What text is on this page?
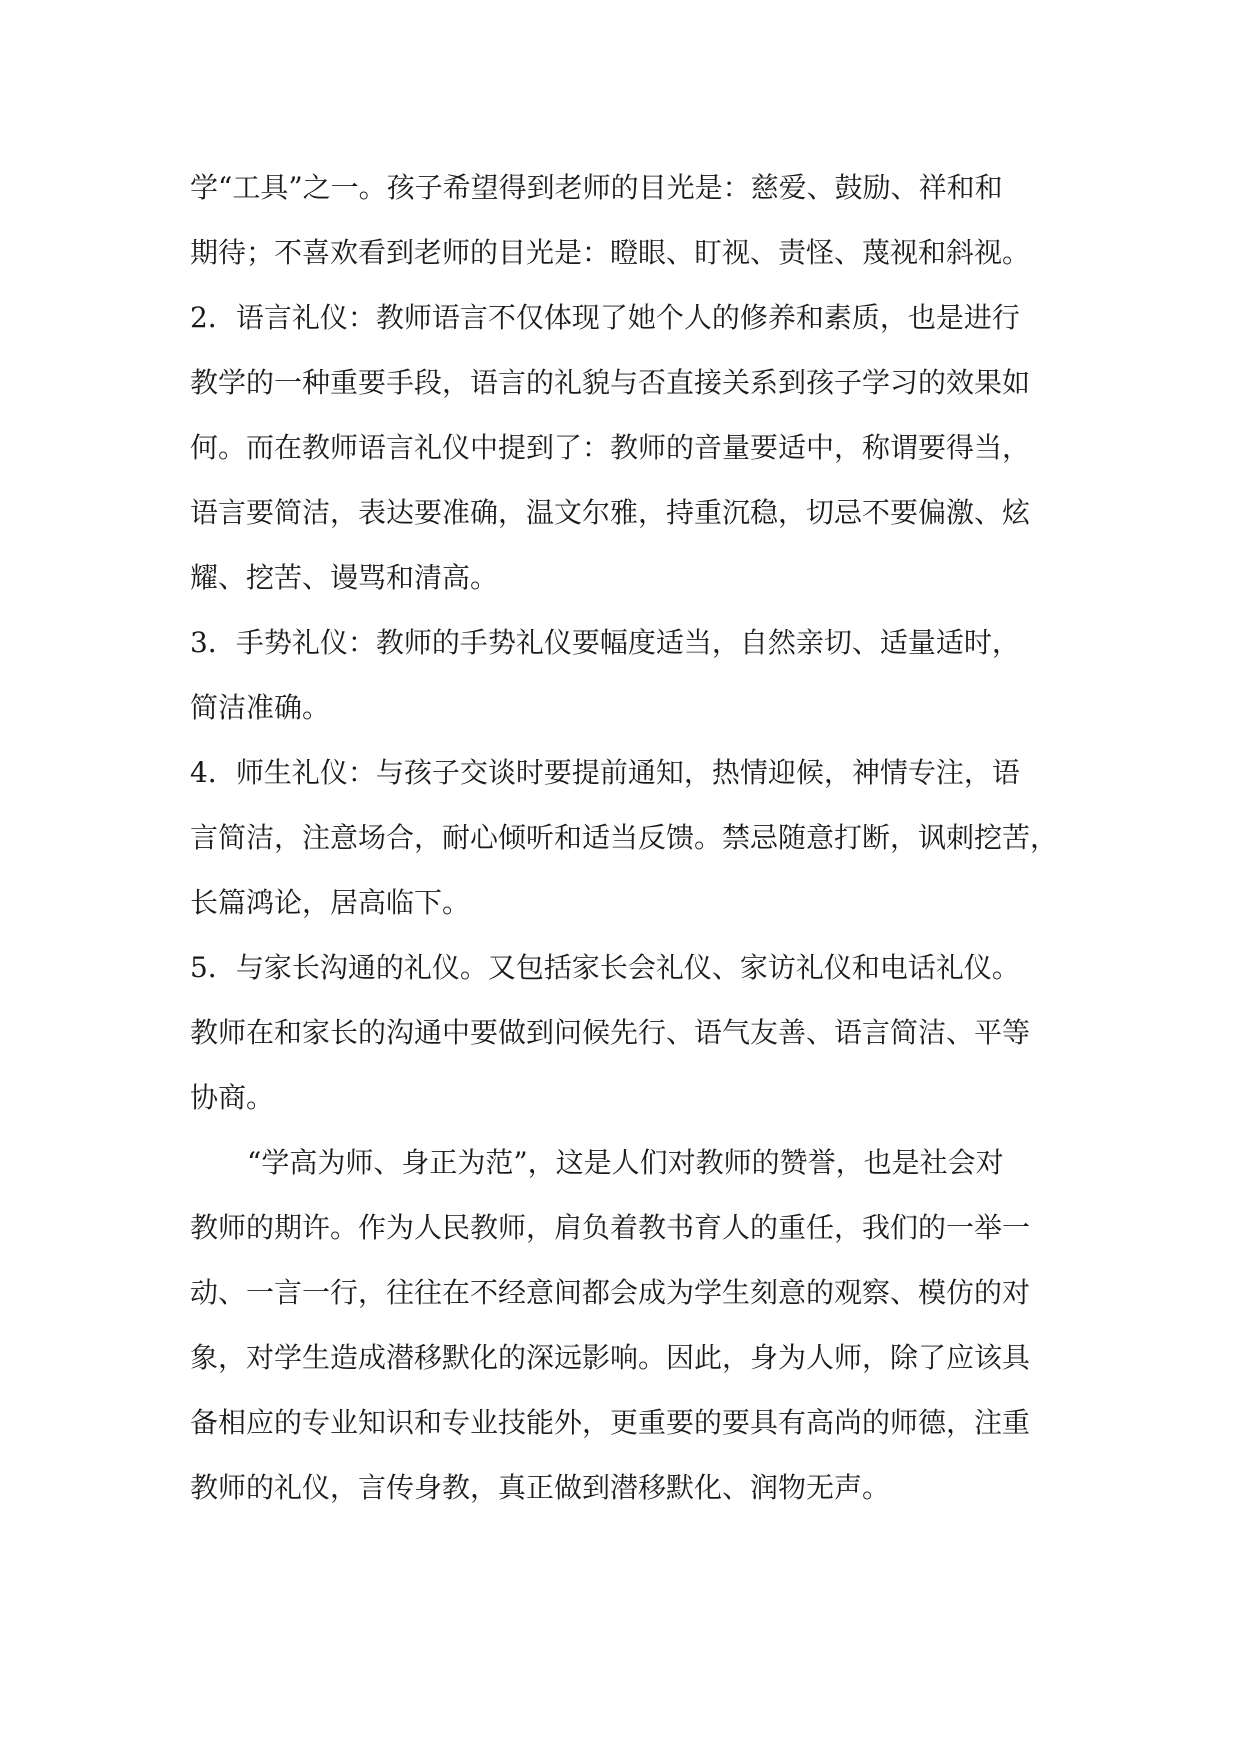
学“工具”之一。孩子希望得到老师的目光是：慈爱、鼓励、祥和和
期待；不喜欢看到老师的目光是：瞪眼、盯视、责怪、蔑视和斜视。
2．语言礼仪：教师语言不仅体现了她个人的修养和素质，也是进行
教学的一种重要手段，语言的礼貌与否直接关系到孩子学习的效果如
何。而在教师语言礼仪中提到了：教师的音量要适中，称谓要得当，
语言要简洁，表达要准确，温文尔雅，持重沉稳，切忌不要偏激、炫
耀、挖苦、谩骂和清高。
3．手势礼仪：教师的手势礼仪要幅度适当，自然亲切、适量适时，
简洁准确。
4．师生礼仪：与孩子交谈时要提前通知，热情迎候，神情专注，语
言简洁，注意场合，耐心倾听和适当反馈。禁忌随意打断，讽刺挖苦，
长篇鸿论，居高临下。
5．与家长沟通的礼仪。又包括家长会礼仪、家访礼仪和电话礼仪。
教师在和家长的沟通中要做到问候先行、语气友善、语言简洁、平等
协商。
“学高为师、身正为范”，这是人们对教师的赞誉，也是社会对
教师的期许。作为人民教师，肩负着教书育人的重任，我们的一举一
动、一言一行，往往在不经意间都会成为学生刻意的观察、模仿的对
象，对学生造成潜移默化的深远影响。因此，身为人师，除了应该具
备相应的专业知识和专业技能外，更重要的要具有高尚的师德，注重
教师的礼仪，言传身教，真正做到潜移默化、润物无声。
